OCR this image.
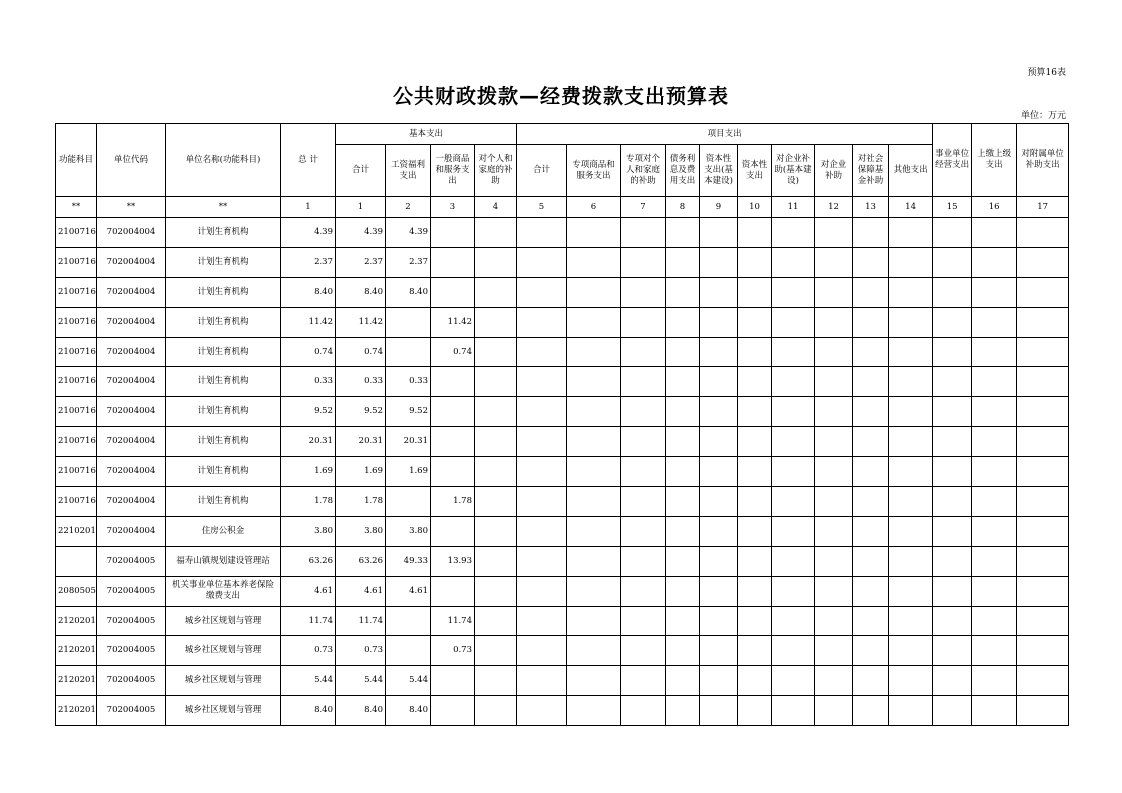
预算16表
公共财政拨款—经费拨款支出预算表
单位：万元
功能科目	单位代码	单位名称(功能科目)	总 计	基本支出				项目支出										事业单位经营支出	上缴上级支出	对附属单位补助支出
				合计	工资福利支出	一般商品和服务支出	对个人和家庭的补助	合计	专项商品和服务支出	专项对个人和家庭的补助	债务利息及费用支出	资本性支出(基本建设)	资本性支出	对企业补助(基本建设)	对企业补助	对社会保障基金补助	其他支出			
**	**	**	1	1	2	3	4	5	6	7	8	9	10	11	12	13	14	15	16	17
2100716	702004004	计划生育机构	4.39	4.39	4.39															
2100716	702004004	计划生育机构	2.37	2.37	2.37															
2100716	702004004	计划生育机构	8.40	8.40	8.40															
2100716	702004004	计划生育机构	11.42	11.42		11.42														
2100716	702004004	计划生育机构	0.74	0.74		0.74														
2100716	702004004	计划生育机构	0.33	0.33	0.33															
2100716	702004004	计划生育机构	9.52	9.52	9.52															
2100716	702004004	计划生育机构	20.31	20.31	20.31															
2100716	702004004	计划生育机构	1.69	1.69	1.69															
2100716	702004004	计划生育机构	1.78	1.78		1.78														
2210201	702004004	住房公积金	3.80	3.80	3.80															
	702004005	福寿山镇规划建设管理站	63.26	63.26	49.33	13.93														
2080505	702004005	机关事业单位基本养老保险缴费支出	4.61	4.61	4.61															
2120201	702004005	城乡社区规划与管理	11.74	11.74		11.74														
2120201	702004005	城乡社区规划与管理	0.73	0.73		0.73														
2120201	702004005	城乡社区规划与管理	5.44	5.44	5.44															
2120201	702004005	城乡社区规划与管理	8.40	8.40	8.40															
